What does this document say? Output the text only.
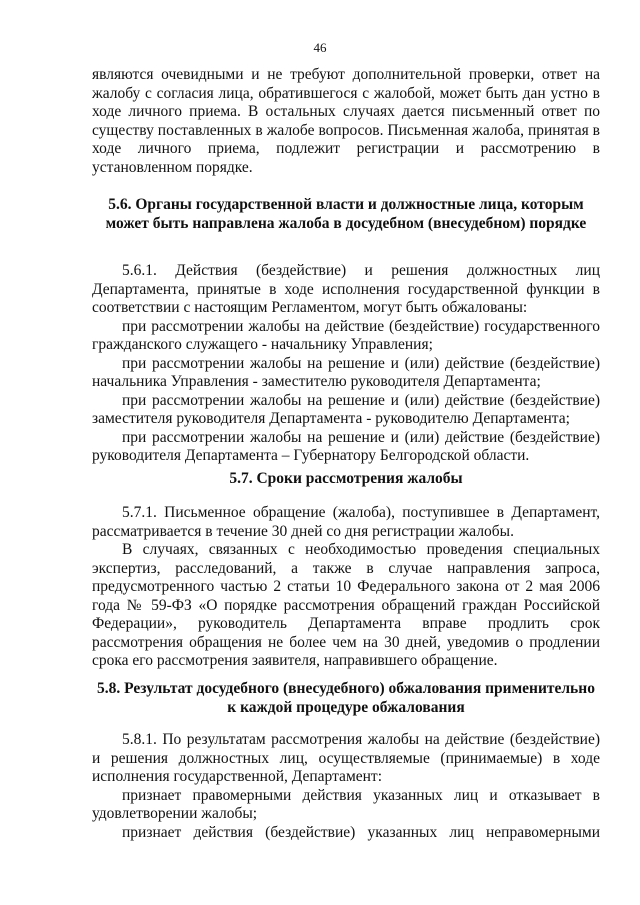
46

являются очевидными и не требуют дополнительной проверки, ответ на жалобу с согласия лица, обратившегося с жалобой, может быть дан устно в ходе личного приема. В остальных случаях дается письменный ответ по существу поставленных в жалобе вопросов. Письменная жалоба, принятая в ходе личного приема, подлежит регистрации и рассмотрению в установленном порядке.

5.6. Органы государственной власти и должностные лица, которым может быть направлена жалоба в досудебном (внесудебном) порядке

5.6.1. Действия (бездействие) и решения должностных лиц Департамента, принятые в ходе исполнения государственной функции в соответствии с настоящим Регламентом, могут быть обжалованы:

при рассмотрении жалобы на действие (бездействие) государственного гражданского служащего - начальнику Управления;

при рассмотрении жалобы на решение и (или) действие (бездействие) начальника Управления - заместителю руководителя Департамента;

при рассмотрении жалобы на решение и (или) действие (бездействие) заместителя руководителя Департамента - руководителю Департамента;

при рассмотрении жалобы на решение и (или) действие (бездействие) руководителя Департамента – Губернатору Белгородской области.

5.7. Сроки рассмотрения жалобы

5.7.1. Письменное обращение (жалоба), поступившее в Департамент, рассматривается в течение 30 дней со дня регистрации жалобы.

В случаях, связанных с необходимостью проведения специальных экспертиз, расследований, а также в случае направления запроса, предусмотренного частью 2 статьи 10 Федерального закона от 2 мая 2006 года № 59-ФЗ «О порядке рассмотрения обращений граждан Российской Федерации», руководитель Департамента вправе продлить срок рассмотрения обращения не более чем на 30 дней, уведомив о продлении срока его рассмотрения заявителя, направившего обращение.

5.8. Результат досудебного (внесудебного) обжалования применительно к каждой процедуре обжалования

5.8.1. По результатам рассмотрения жалобы на действие (бездействие) и решения должностных лиц, осуществляемые (принимаемые) в ходе исполнения государственной, Департамент:

признает правомерными действия указанных лиц и отказывает в удовлетворении жалобы;

признает действия (бездействие) указанных лиц неправомерными
